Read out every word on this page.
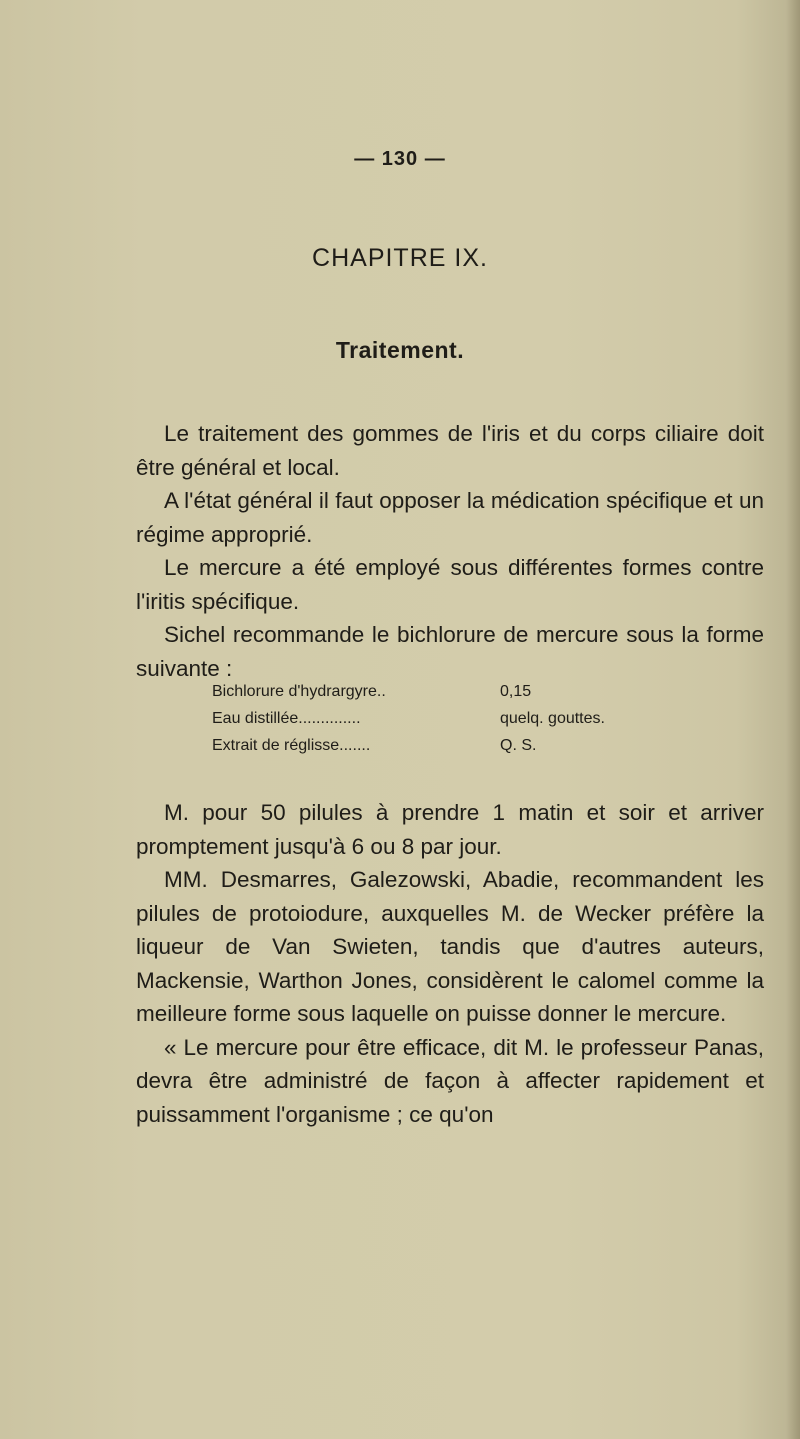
— 130 —
CHAPITRE IX.
Traitement.

Le traitement des gommes de l'iris et du corps ciliaire doit être général et local.

A l'état général il faut opposer la médication spécifique et un régime approprié.

Le mercure a été employé sous différentes formes contre l'iritis spécifique.

Sichel recommande le bichlorure de mercure sous la forme suivante :

Bichlorure d'hydrargyre..	0,15
Eau distillée..............	quelq. gouttes.
Extrait de réglisse.......	Q. S.

M. pour 50 pilules à prendre 1 matin et soir et arriver promptement jusqu'à 6 ou 8 par jour.

MM. Desmarres, Galezowski, Abadie, recommandent les pilules de protoiodure, auxquelles M. de Wecker préfère la liqueur de Van Swieten, tandis que d'autres auteurs, Mackensie, Warthon Jones, considèrent le calomel comme la meilleure forme sous laquelle on puisse donner le mercure.

« Le mercure pour être efficace, dit M. le professeur Panas, devra être administré de façon à affecter rapidement et puissamment l'organisme ; ce qu'on
